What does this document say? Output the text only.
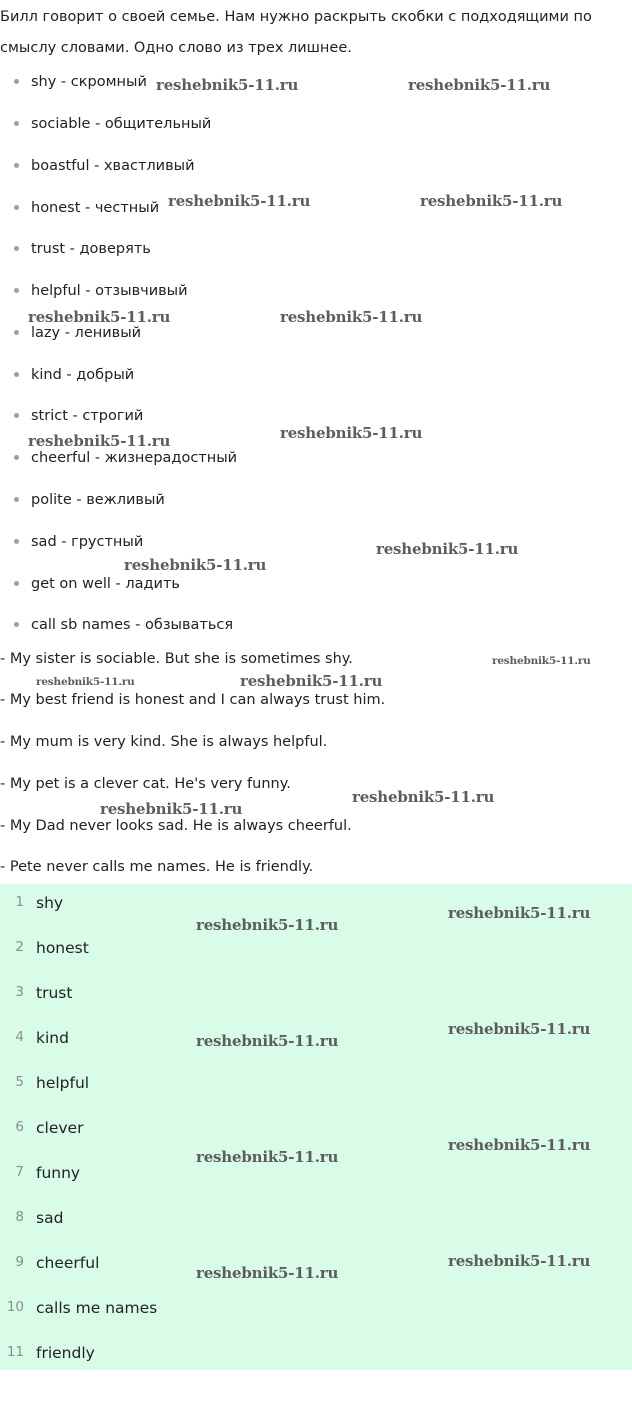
Билл говорит о своей семье. Нам нужно раскрыть скобки с подходящими по
смыслу словами. Одно слово из трех лишнее.
shy - скромный
sociable - общительный
boastful - хвастливый
honest - честный
trust - доверять
helpful - отзывчивый
lazy - ленивый
kind - добрый
strict - строгий
cheerful - жизнерадостный
polite - вежливый
sad - грустный
get on well - ладить
call sb names - обзываться
- My sister is sociable. But she is sometimes shy.
- My best friend is honest and I can always trust him.
- My mum is very kind. She is always helpful.
- My pet is a clever cat. He's very funny.
- My Dad never looks sad. He is always cheerful.
- Pete never calls me names. He is friendly.
1 shy
2 honest
3 trust
4 kind
5 helpful
6 clever
7 funny
8 sad
9 cheerful
10 calls me names
11 friendly
reshebnik5-11.ru	reshebnik5-11.ru
reshebnik5-11.ru	reshebnik5-11.ru
reshebnik5-11.ru	reshebnik5-11.ru
reshebnik5-11.ru	reshebnik5-11.ru
reshebnik5-11.ru
reshebnik5-11.ru
reshebnik5-11.ru
reshebnik5-11.ru	reshebnik5-11.ru
reshebnik5-11.ru
reshebnik5-11.ru
reshebnik5-11.ru
reshebnik5-11.ru
reshebnik5-11.ru
reshebnik5-11.ru
reshebnik5-11.ru
reshebnik5-11.ru
reshebnik5-11.ru
reshebnik5-11.ru
